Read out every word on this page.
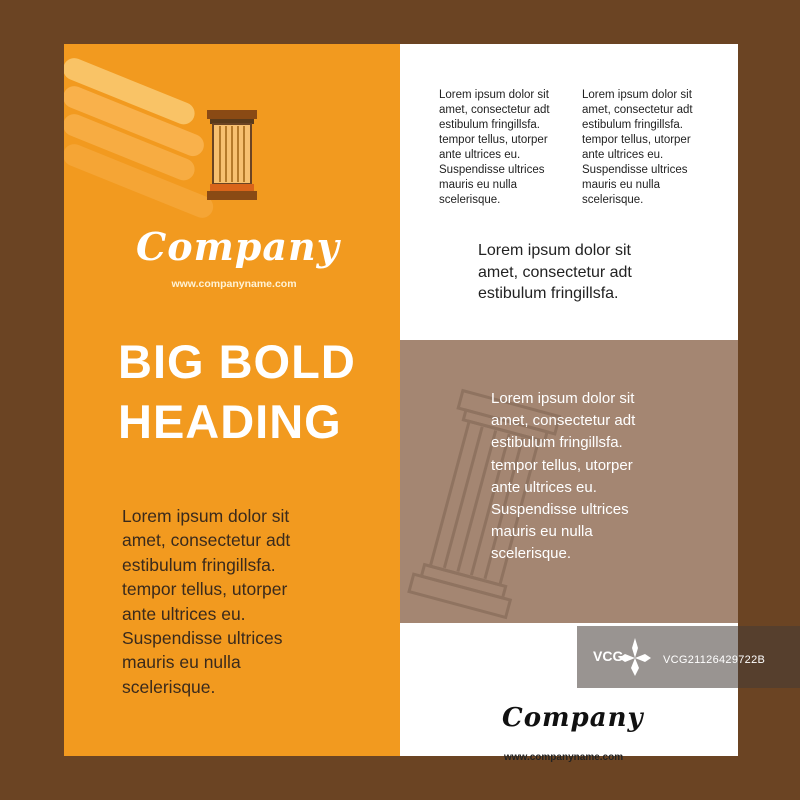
Company
www.companyname.com
BIG BOLD
HEADING
Lorem ipsum dolor sit
amet, consectetur adt
estibulum fringillsfa.
tempor tellus, utorper
ante ultrices eu.
Suspendisse ultrices
mauris eu nulla
scelerisque.

Lorem ipsum dolor sit

amet, consectetur adt

estibulum fringillsfa.

tempor tellus, utorper

ante ultrices eu.

Suspendisse ultrices

mauris eu nulla

scelerisque.

Lorem ipsum dolor sit

amet, consectetur adt

estibulum fringillsfa.

tempor tellus, utorper

ante ultrices eu.

Suspendisse ultrices

mauris eu nulla

scelerisque.

Lorem ipsum dolor sit
amet, consectetur adt
estibulum fringillsfa.
Lorem ipsum dolor sit
amet, consectetur adt
estibulum fringillsfa.
tempor tellus, utorper
ante ultrices eu.
Suspendisse ultrices
mauris eu nulla
scelerisque.
Company
www.companyname.com
VCG	VCG21126429722B
